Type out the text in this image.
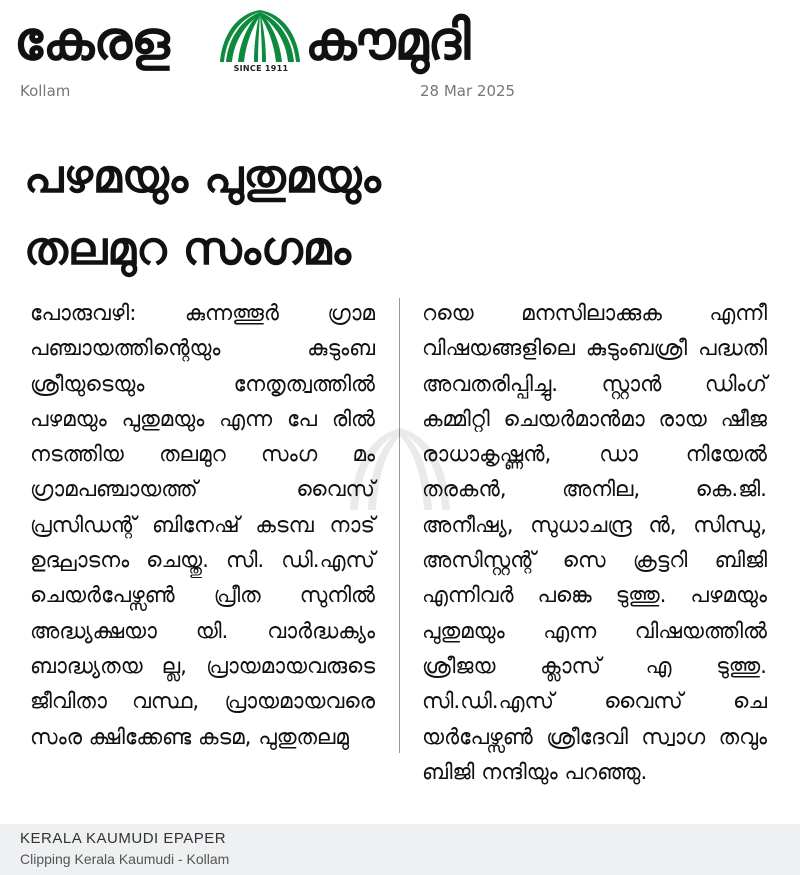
കേരള	SINCE 1911 കൗമുദി
Kollam	28 Mar 2025
പഴമയും പുതുമയും
തലമുറ സംഗമം
പോരുവഴി: കുന്നത്തൂർ ഗ്രാമ പഞ്ചായത്തിന്റെയും കുടുംബ ശ്രീയുടെയും നേതൃത്വത്തിൽ പഴമയും പുതുമയും എന്ന പേ രിൽ നടത്തിയ തലമുറ സംഗ മം ഗ്രാമപഞ്ചായത്ത് വൈസ് പ്രസിഡന്റ് ബിനേഷ് കടമ്പ നാട് ഉദ്ഘാടനം ചെയ്തു. സി. ഡി.എസ് ചെയർപേഴ്സൺ പ്രീത സുനിൽ അദ്ധ്യക്ഷയാ യി. വാർദ്ധക്യം ബാദ്ധ്യതയ ല്ല, പ്രായമായവരുടെ ജീവിതാ വസ്ഥ, പ്രായമായവരെ സംര ക്ഷിക്കേണ്ട കടമ, പുതുതലമു
റയെ മനസിലാക്കുക എന്നീ വിഷയങ്ങളിലെ കുടുംബശ്രീ പദ്ധതി അവതരിപ്പിച്ചു. സ്റ്റാൻ ഡിംഗ് കമ്മിറ്റി ചെയർമാൻമാ രായ ഷീജ രാധാകൃഷ്ണൻ, ഡാ നിയേൽ തരകൻ, അനില, കെ.ജി. അനീഷ്യ, സുധാചന്ദ്ര ൻ, സിന്ധു, അസിസ്റ്റന്റ് സെ ക്രട്ടറി ബിജി എന്നിവർ പങ്കെ ടുത്തു. പഴമയും പുതുമയും എന്ന വിഷയത്തിൽ ശ്രീജയ ക്ലാസ് എ ടുത്തു. സി.ഡി.എസ് വൈസ് ചെ യർപേഴ്സൺ ശ്രീദേവി സ്വാഗ തവും ബിജി നന്ദിയും പറഞ്ഞു.
KERALA KAUMUDI EPAPER
Clipping Kerala Kaumudi - Kollam
